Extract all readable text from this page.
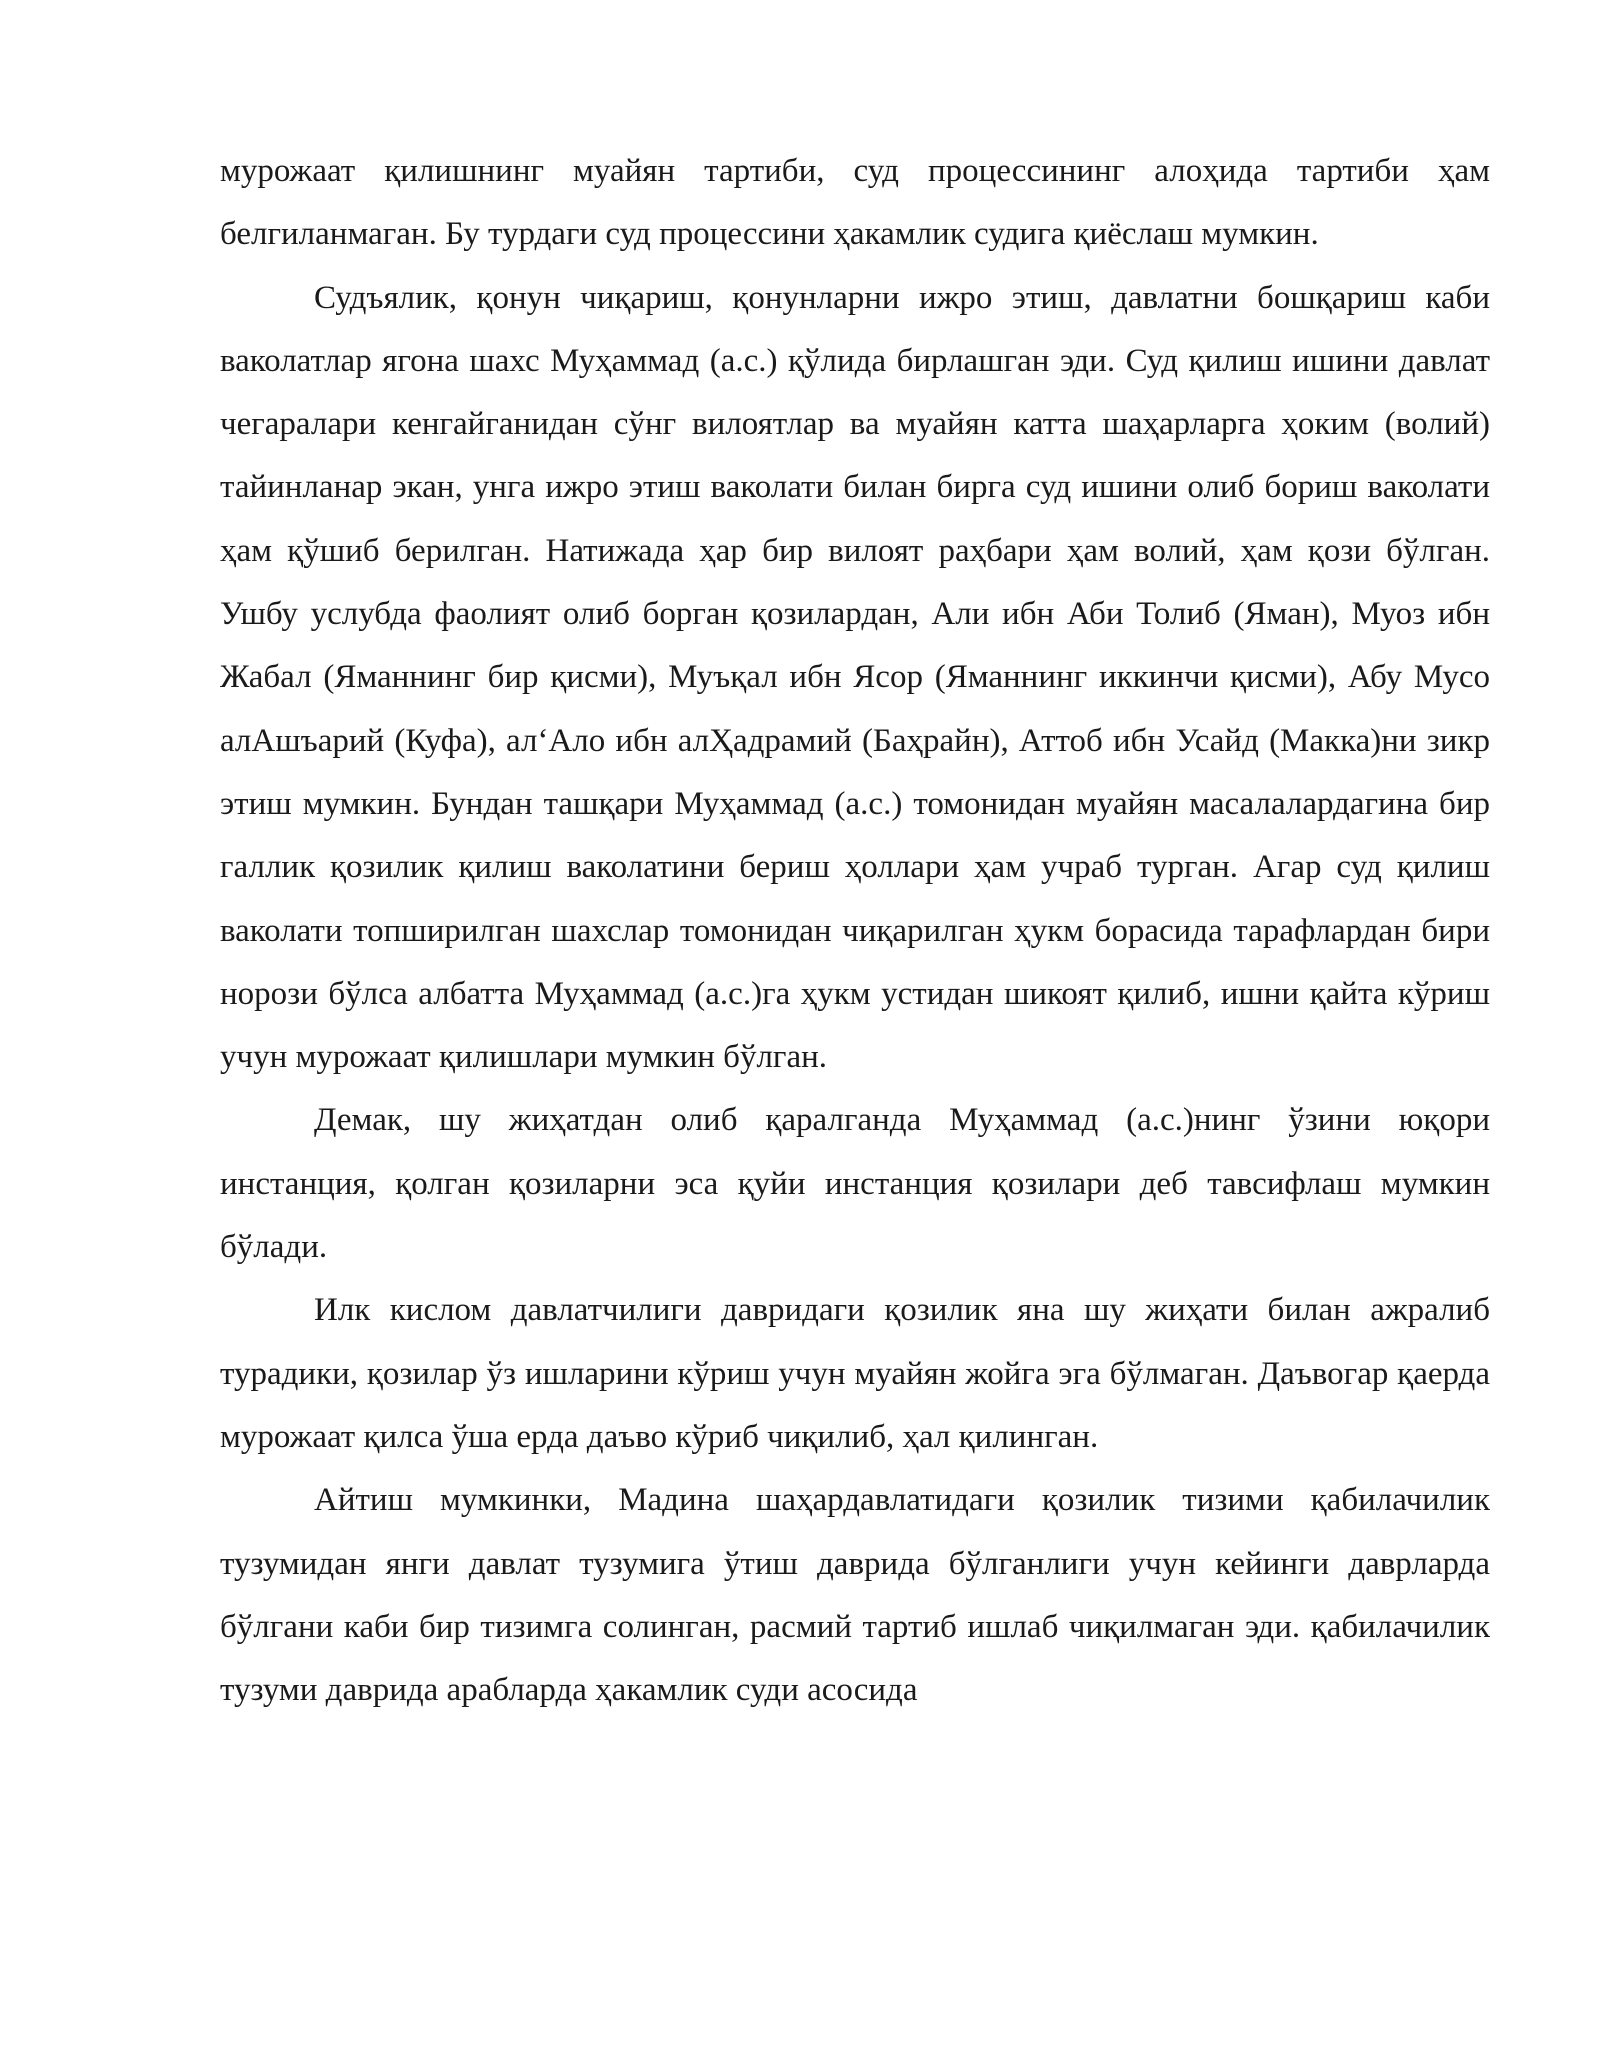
мурожаат қилишнинг муайян тартиби, суд процессининг алоҳида тартиби ҳам белгиланмаган. Бу турдаги суд процессини ҳакамлик судига қиёслаш мумкин.

Судъялик, қонун чиқариш, қонунларни ижро этиш, давлатни бошқариш каби ваколатлар ягона шахс Муҳаммад (а.с.) қўлида бирлашган эди. Суд қилиш ишини давлат чегаралари кенгайганидан сўнг вилоятлар ва муайян катта шаҳарларга ҳоким (волий) тайинланар экан, унга ижро этиш ваколати билан бирга суд ишини олиб бориш ваколати ҳам қўшиб берилган. Натижада ҳар бир вилоят раҳбари ҳам волий, ҳам қози бўлган. Ушбу услубда фаолият олиб борган қозилардан, Али ибн Аби Толиб (Яман), Муоз ибн Жабал (Яманнинг бир қисми), Муъқал ибн Ясор (Яманнинг иккинчи қисми), Абу Мусо алАшъарий (Куфа), алʻАло ибн алҲадрамий (Баҳрайн), Аттоб ибн Усайд (Макка)ни зикр этиш мумкин. Бундан ташқари Муҳаммад (а.с.) томонидан муайян масалалардагина бир галлик қозилик қилиш ваколатини бериш ҳоллари ҳам учраб турган. Агар суд қилиш ваколати топширилган шахслар томонидан чиқарилган ҳукм борасида тарафлардан бири норози бўлса албатта Муҳаммад (а.с.)га ҳукм устидан шикоят қилиб, ишни қайта кўриш учун мурожаат қилишлари мумкин бўлган.

Демак, шу жиҳатдан олиб қаралганда Муҳаммад (а.с.)нинг ўзини юқори инстанция, қолган қозиларни эса қуйи инстанция қозилари деб тавсифлаш мумкин бўлади.

Илк кислом давлатчилиги давридаги қозилик яна шу жиҳати билан ажралиб турадики, қозилар ўз ишларини кўриш учун муайян жойга эга бўлмаган. Даъвогар қаерда мурожаат қилса ўша ерда даъво кўриб чиқилиб, ҳал қилинган.

Айтиш мумкинки, Мадина шаҳардавлатидаги қозилик тизими қабилачилик тузумидан янги давлат тузумига ўтиш даврида бўлганлиги учун кейинги даврларда бўлгани каби бир тизимга солинган, расмий тартиб ишлаб чиқилмаган эди. қабилачилик тузуми даврида арабларда ҳакамлик суди асосида
